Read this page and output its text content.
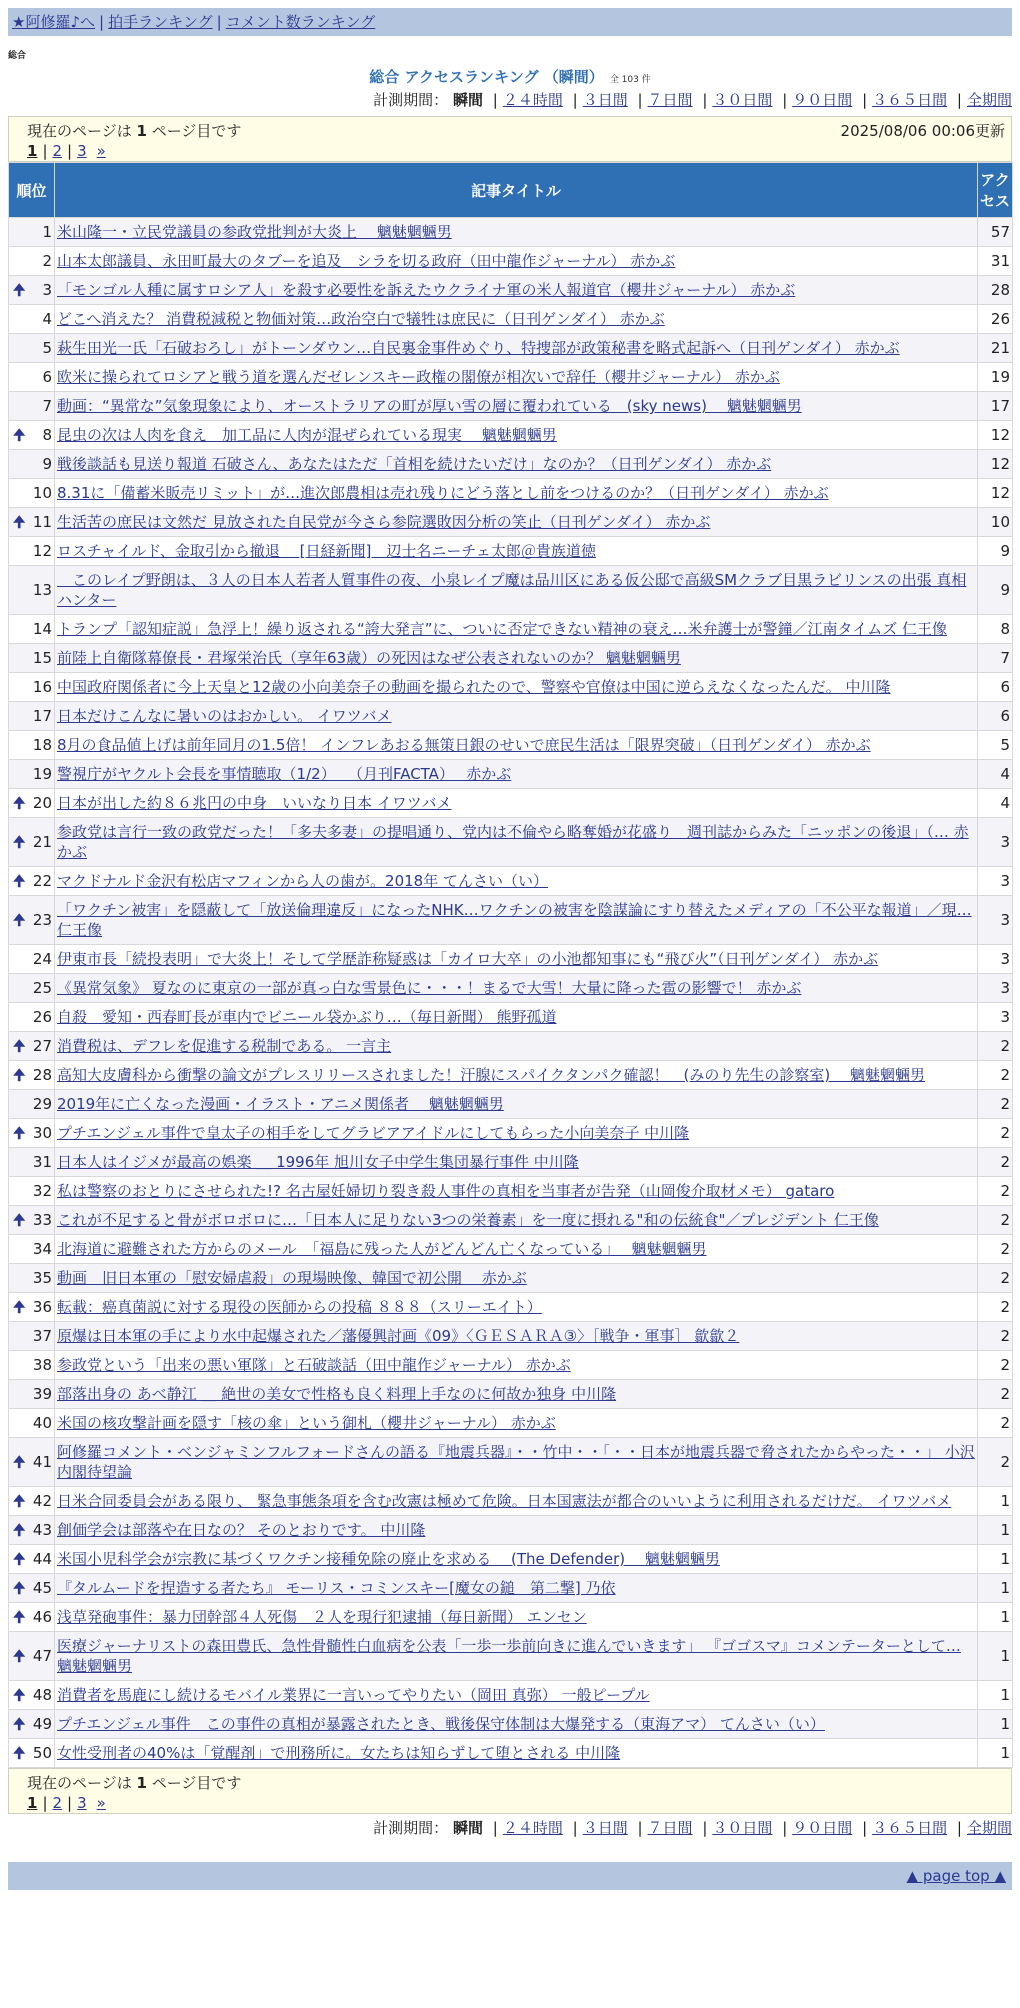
★阿修羅♪へ | 拍手ランキング | コメント数ランキング
総合
総合 アクセスランキング （瞬間） 全 103 件
計測期間： 瞬間 | ２４時間 | ３日間 | ７日間 | ３０日間 | ９０日間 | ３６５日間 | 全期間
現在のページは 1 ページ目です	2025/08/06 00:06更新
1 | 2 | 3 »
順位	記事タイトル	アクセス
1	米山隆一・立民党議員の参政党批判が大炎上　 魑魅魍魎男	57
2	山本太郎議員、永田町最大のタブーを追及　シラを切る政府（田中龍作ジャーナル） 赤かぶ	31

🠉 3	「モンゴル人種に属すロシア人」を殺す必要性を訴えたウクライナ軍の米人報道官（櫻井ジャーナル） 赤かぶ	28
4	どこへ消えた？ 消費税減税と物価対策…政治空白で犠牲は庶民に（日刊ゲンダイ） 赤かぶ	26
5	萩生田光一氏「石破おろし」がトーンダウン…自民裏金事件めぐり、特捜部が政策秘書を略式起訴へ（日刊ゲンダイ） 赤かぶ	21
6	欧米に操られてロシアと戦う道を選んだゼレンスキー政権の閣僚が相次いで辞任（櫻井ジャーナル） 赤かぶ	19
7	動画：“異常な”気象現象により、オーストラリアの町が厚い雪の層に覆われている　(sky news)　 魑魅魍魎男	17

🠉 8	昆虫の次は人肉を食え　加工品に人肉が混ぜられている現実　 魑魅魍魎男	12
9	戦後談話も見送り報道 石破さん、あなたはただ「首相を続けたいだけ」なのか？（日刊ゲンダイ） 赤かぶ	12
10	8.31に「備蓄米販売リミット」が…進次郎農相は売れ残りにどう落とし前をつけるのか？（日刊ゲンダイ） 赤かぶ	12

🠉 11	生活苦の庶民は文然だ 見放された自民党が今さら参院選敗因分析の笑止（日刊ゲンダイ） 赤かぶ	10
12	ロスチャイルド、金取引から撤退 　[日経新聞]　辺士名ニーチェ太郎＠貴族道徳	9
13	　このレイプ野朗は、３人の日本人若者人質事件の夜、小泉レイプ魔は品川区にある仮公邸で高級SMクラブ目黒ラビリンスの出張 真相ハンター	9
14	トランプ「認知症説」急浮上！繰り返される“誇大発言”に、ついに否定できない精神の衰え…米弁護士が警鐘／江南タイムズ 仁王像	8
15	前陸上自衛隊幕僚長・君塚栄治氏（享年63歳）の死因はなぜ公表されないのか？ 魑魅魍魎男	7
16	中国政府関係者に今上天皇と12歳の小向美奈子の動画を撮られたので、警察や官僚は中国に逆らえなくなったんだ。 中川隆	6
17	日本だけこんなに暑いのはおかしい。 イワツバメ	6
18	8月の食品値上げは前年同月の1.5倍！ インフレあおる無策日銀のせいで庶民生活は「限界突破」（日刊ゲンダイ） 赤かぶ	5
19	警視庁がヤクルト会長を事情聴取（1/2）　 （月刊FACTA）　 赤かぶ	4

🠉 20	日本が出した約８６兆円の中身　いいなり日本 イワツバメ	4

🠉 21	参政党は言行一致の政党だった！「多夫多妻」の提唱通り、党内は不倫やら略奪婚が花盛り　週刊誌からみた「ニッポンの後退」（… 赤かぶ	3

🠉 22	マクドナルド金沢有松店マフィンから人の歯が。2018年 てんさい（い）	3

🠉 23	「ワクチン被害」を隠蔽して「放送倫理違反」になったNHK…ワクチンの被害を陰謀論にすり替えたメディアの「不公平な報道」／現… 仁王像	3
24	伊東市長「続投表明」で大炎上！そして学歴詐称疑惑は「カイロ大卒」の小池都知事にも“飛び火”（日刊ゲンダイ） 赤かぶ	3
25	《異常気象》 夏なのに東京の一部が真っ白な雪景色に・・・！まるで大雪！大量に降った雹の影響で！ 赤かぶ	3
26	自殺　愛知・西春町長が車内でビニール袋かぶり…（毎日新聞） 熊野孤道	3

🠉 27	消費税は、デフレを促進する税制である。 一言主	2

🠉 28	高知大皮膚科から衝撃の論文がプレスリリースされました！汗腺にスパイクタンパク確認！　(みのり先生の診察室)　 魑魅魍魎男	2
29	2019年に亡くなった漫画・イラスト・アニメ関係者　 魑魅魍魎男	2

🠉 30	プチエンジェル事件で皇太子の相手をしてグラビアアイドルにしてもらった小向美奈子 中川隆	2
31	日本人はイジメが最高の娯楽 ＿ 1996年 旭川女子中学生集団暴行事件 中川隆	2
32	私は警察のおとりにさせられた!? 名古屋妊婦切り裂き殺人事件の真相を当事者が告発（山岡俊介取材メモ） gataro	2

🠉 33	これが不足すると骨がボロボロに…「日本人に足りない3つの栄養素」を一度に摂れる"和の伝統食"／プレジデント 仁王像	2
34	北海道に避難された方からのメール　「福島に残った人がどんどん亡くなっている」　 魑魅魍魎男	2
35	動画　旧日本軍の「慰安婦虐殺」の現場映像、韓国で初公開　 赤かぶ	2

🠉 36	転載：癌真菌説に対する現役の医師からの投稿 ８８８（スリーエイト）	2
37	原爆は日本軍の手により水中起爆された／藩優興討画《09》〈ＧＥＳＡＲＡ③〉［戦争・軍事］ 歙歙２	2
38	参政党という「出来の悪い軍隊」と石破談話（田中龍作ジャーナル） 赤かぶ	2
39	部落出身の あべ静江 ＿ 絶世の美女で性格も良く料理上手なのに何故か独身 中川隆	2
40	米国の核攻撃計画を隠す「核の傘」という御札（櫻井ジャーナル） 赤かぶ	2

🠉 41	阿修羅コメント・ベンジャミンフルフォードさんの語る『地震兵器』・・竹中・・「・・日本が地震兵器で脅されたからやった・・」 小沢内閣待望論	2

🠉 42	日米合同委員会がある限り、 緊急事態条項を含む改憲は極めて危険。日本国憲法が都合のいいように利用されるだけだ。 イワツバメ	1

🠉 43	創価学会は部落や在日なの？ そのとおりです。 中川隆	1

🠉 44	米国小児科学会が宗教に基づくワクチン接種免除の廃止を求める　 (The Defender)　 魑魅魍魎男	1

🠉 45	『タルムードを捏造する者たち』 モーリス・コミンスキー[魔女の鎚　第二撃] 乃依	1

🠉 46	浅草発砲事件：暴力団幹部４人死傷　２人を現行犯逮捕（毎日新聞） エンセン	1

🠉 47	医療ジャーナリストの森田豊氏、急性骨髄性白血病を公表「一歩一歩前向きに進んでいきます」 『ゴゴスマ』コメンテーターとして… 魑魅魍魎男	1

🠉 48	消費者を馬鹿にし続けるモバイル業界に一言いってやりたい（岡田 真弥） 一般ピープル	1

🠉 49	プチエンジェル事件　この事件の真相が暴露されたとき、戦後保守体制は大爆発する（東海アマ） てんさい（い）	1

🠉 50	女性受刑者の40%は「覚醒剤」で刑務所に。女たちは知らずして堕とされる 中川隆	1
現在のページは 1 ページ目です
1 | 2 | 3 »
計測期間： 瞬間 | ２４時間 | ３日間 | ７日間 | ３０日間 | ９０日間 | ３６５日間 | 全期間
▲ page top ▲
